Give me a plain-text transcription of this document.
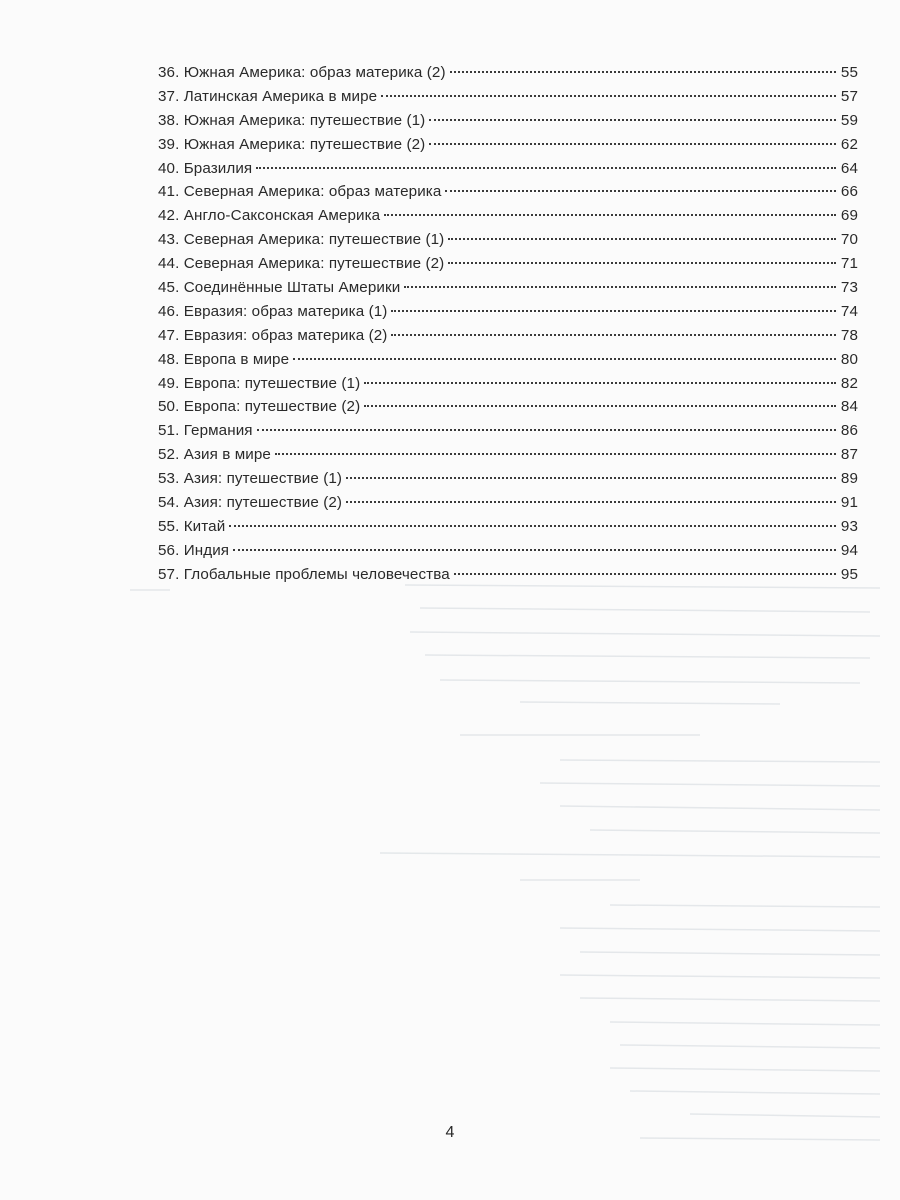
36. Южная Америка: образ материка (2)	55
37. Латинская Америка в мире	57
38. Южная Америка: путешествие (1)	59
39. Южная Америка: путешествие (2)	62
40. Бразилия	64
41. Северная Америка: образ материка	66
42. Англо-Саксонская Америка	69
43. Северная Америка: путешествие (1)	70
44. Северная Америка: путешествие (2)	71
45. Соединённые Штаты Америки	73
46. Евразия: образ материка (1)	74
47. Евразия: образ материка (2)	78
48. Европа в мире	80
49. Европа: путешествие (1)	82
50. Европа: путешествие (2)	84
51. Германия	86
52. Азия в мире	87
53. Азия: путешествие (1)	89
54. Азия: путешествие (2)	91
55. Китай	93
56. Индия	94
57. Глобальные проблемы человечества	95
4
